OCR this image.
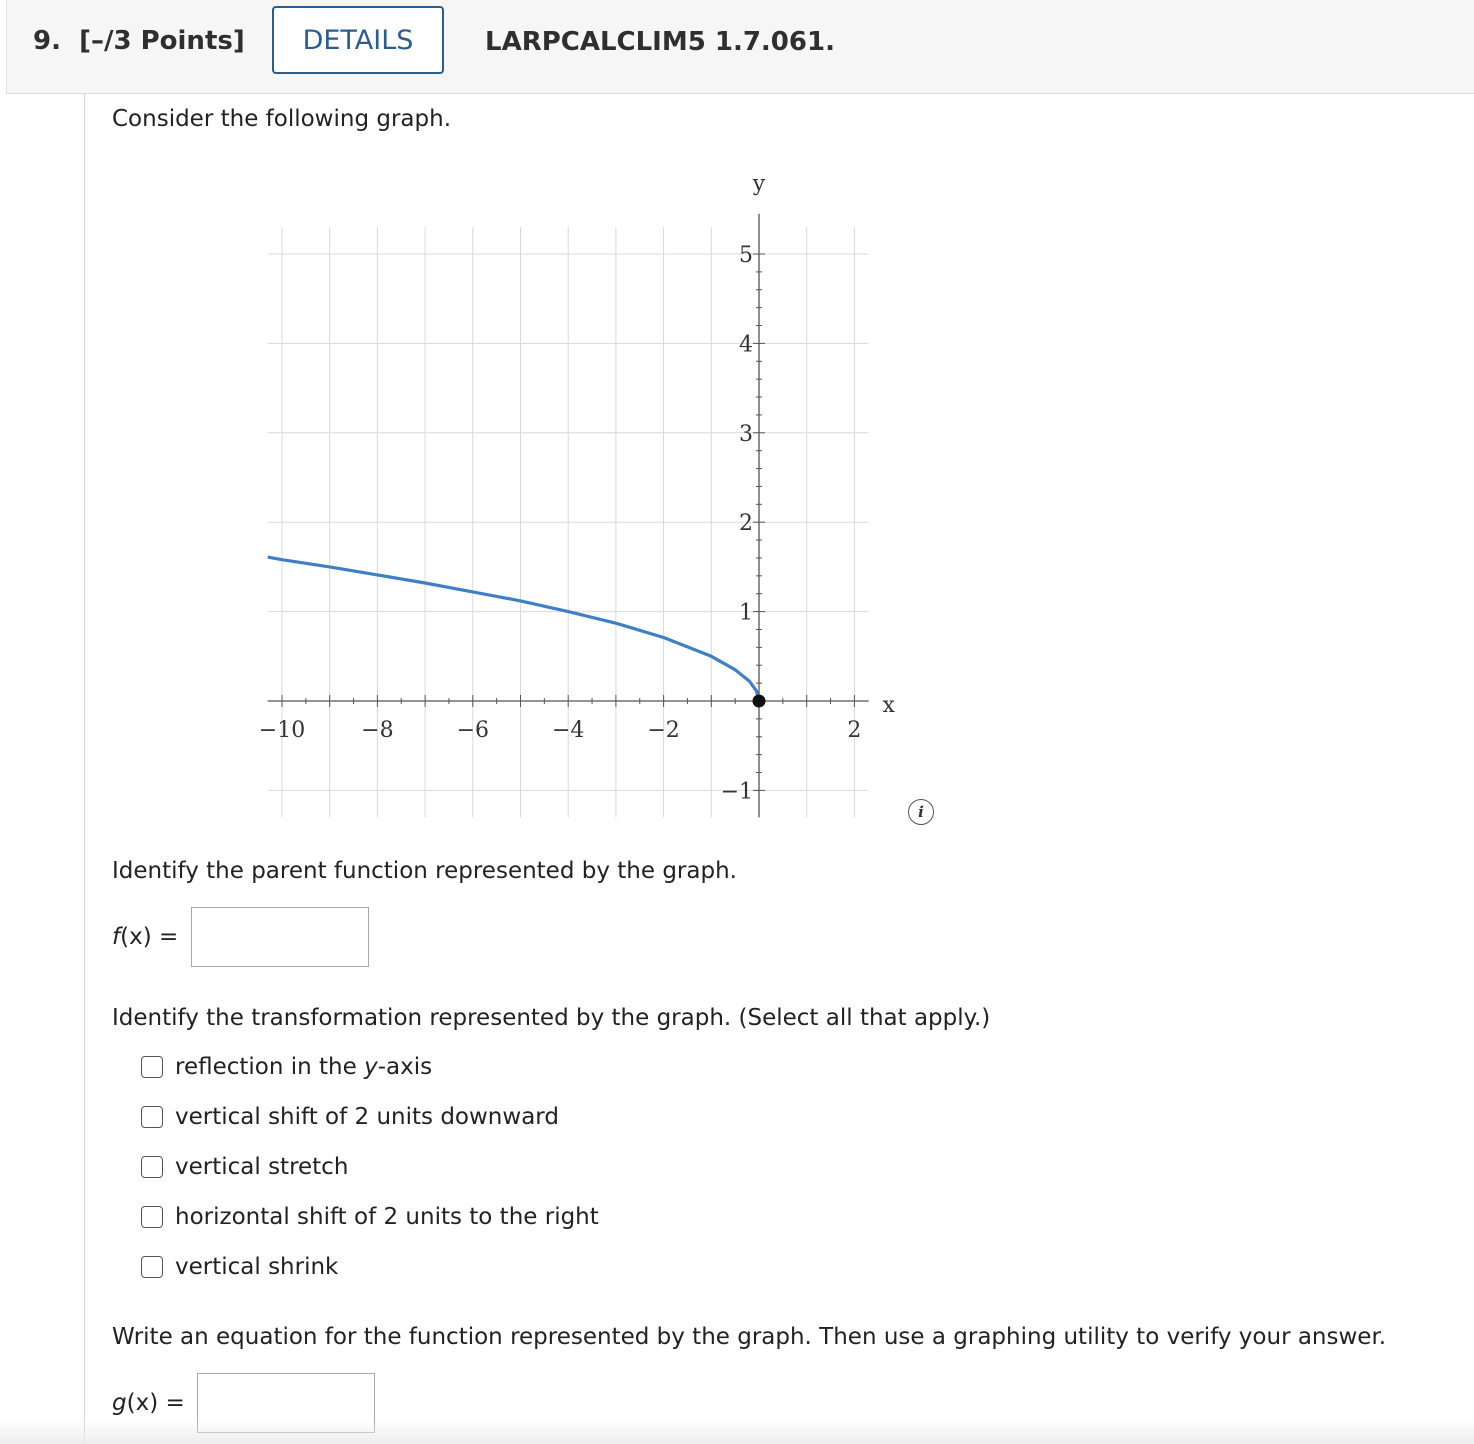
9. [–/3 Points]	DETAILS	LARPCALCLIM5 1.7.061.
Consider the following graph.
−10	−8	−6	−4	−2	2
5
4
3
2
1
−1
y
x
i
Identify the parent function represented by the graph.
f(x) =
Identify the transformation represented by the graph. (Select all that apply.)
reflection in the y-axis
vertical shift of 2 units downward
vertical stretch
horizontal shift of 2 units to the right
vertical shrink
Write an equation for the function represented by the graph. Then use a graphing utility to verify your answer.
g(x) =
